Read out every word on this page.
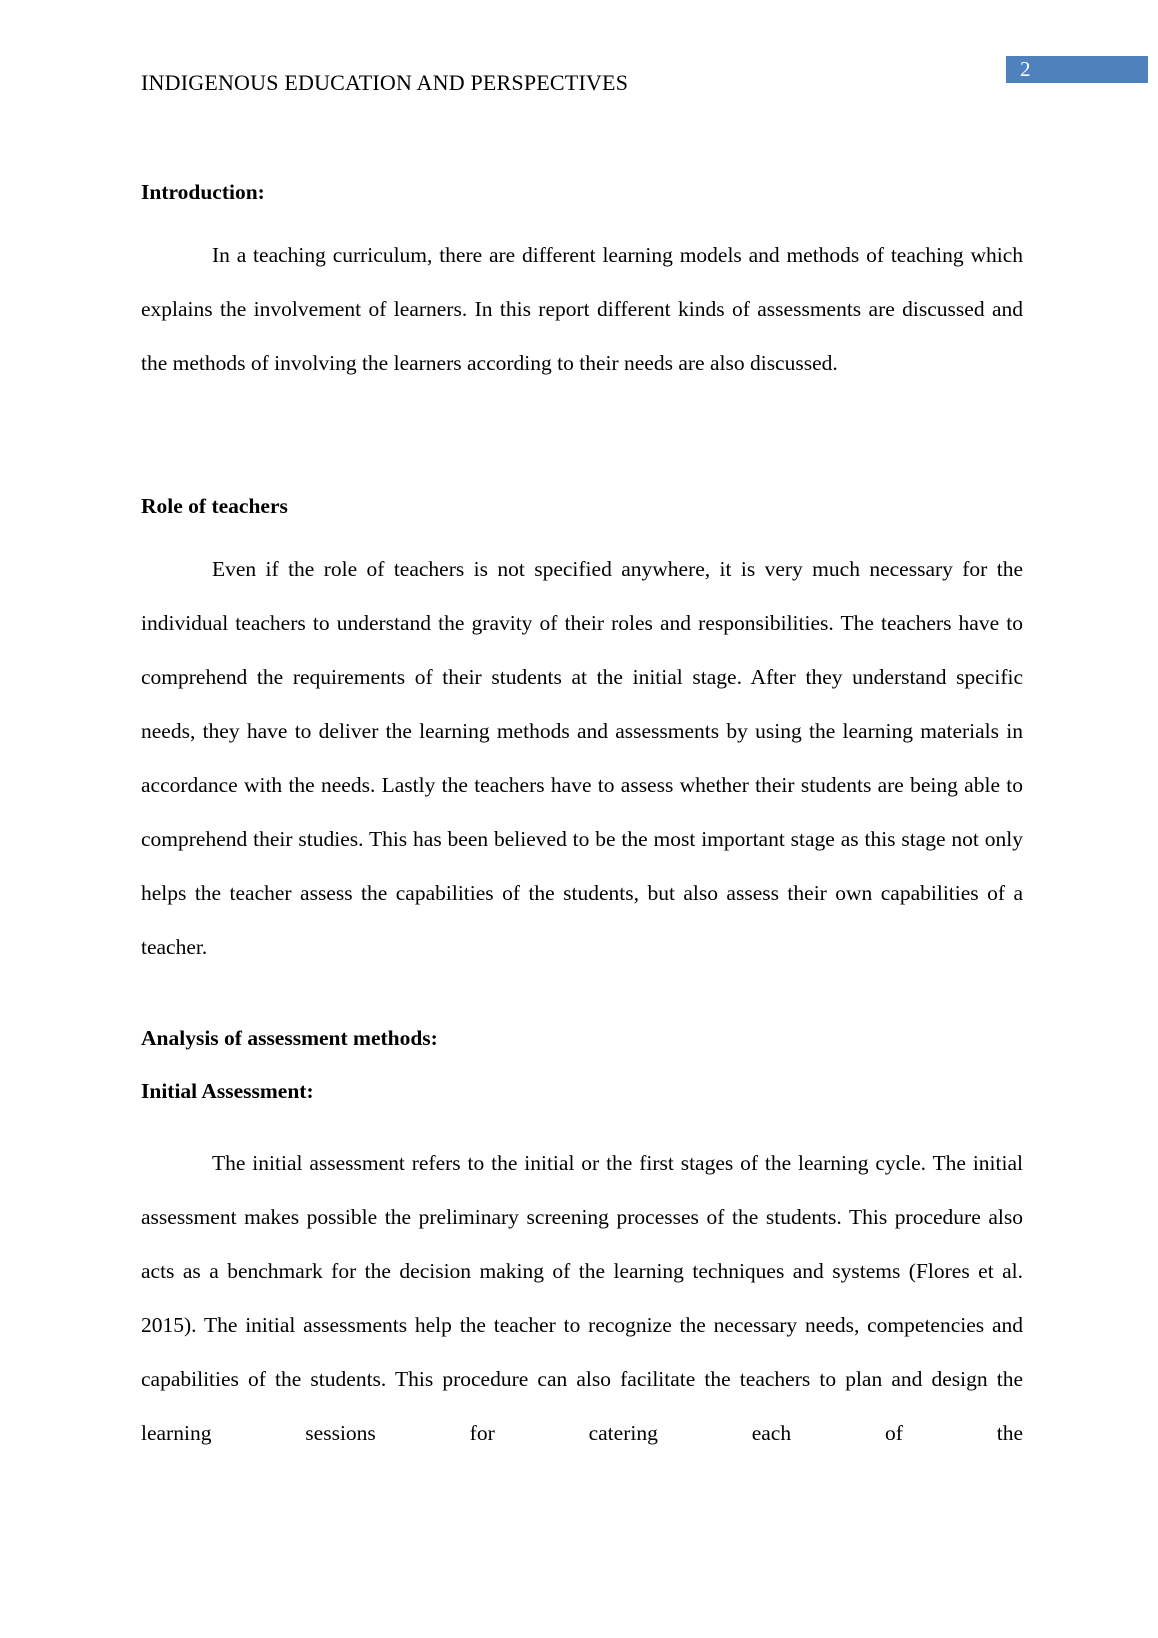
INDIGENOUS EDUCATION AND PERSPECTIVES
2
Introduction:

In a teaching curriculum, there are different learning models and methods of teaching which explains the involvement of learners. In this report different kinds of assessments are discussed and the methods of involving the learners according to their needs are also discussed.

Role of teachers

Even if the role of teachers is not specified anywhere, it is very much necessary for the individual teachers to understand the gravity of their roles and responsibilities. The teachers have to comprehend the requirements of their students at the initial stage. After they understand specific needs, they have to deliver the learning methods and assessments by using the learning materials in accordance with the needs. Lastly the teachers have to assess whether their students are being able to comprehend their studies. This has been believed to be the most important stage as this stage not only helps the teacher assess the capabilities of the students, but also assess their own capabilities of a teacher.

Analysis of assessment methods:
Initial Assessment:

The initial assessment refers to the initial or the first stages of the learning cycle. The initial assessment makes possible the preliminary screening processes of the students. This procedure also acts as a benchmark for the decision making of the learning techniques and systems (Flores et al. 2015). The initial assessments help the teacher to recognize the necessary needs, competencies and capabilities of the students. This procedure can also facilitate the teachers to plan and design the learning sessions for catering each of the
